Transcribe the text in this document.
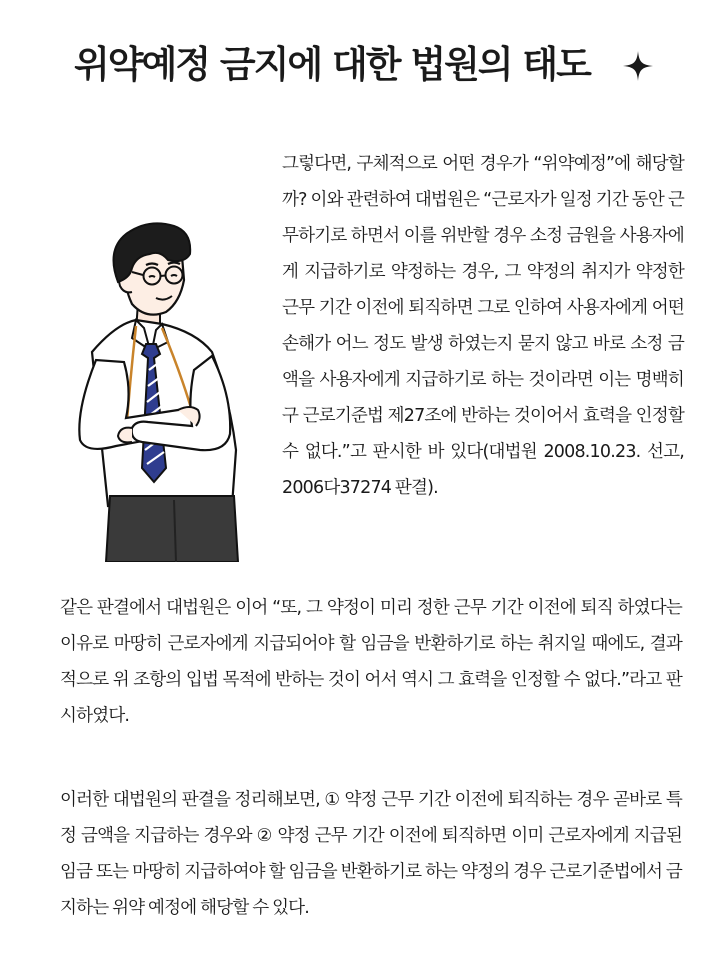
위약예정 금지에 대한 법원의 태도

그렇다면, 구체적으로 어떤 경우가 “위약예정”에 해당할까? 이와 관련하여 대법원은 “근로자가 일정 기간 동안 근무하기로 하면서 이를 위반할 경우 소정 금원을 사용자에게 지급하기로 약정하는 경우, 그 약정의 취지가 약정한 근무 기간 이전에 퇴직하면 그로 인하여 사용자에게 어떤 손해가 어느 정도 발생 하였는지 묻지 않고 바로 소정 금액을 사용자에게 지급하기로 하는 것이라면 이는 명백히 구 근로기준법 제27조에 반하는 것이어서 효력을 인정할 수 없다.”고 판시한 바 있다(대법원 2008.10.23. 선고, 2006다37274 판결).

같은 판결에서 대법원은 이어 “또, 그 약정이 미리 정한 근무 기간 이전에 퇴직 하였다는 이유로 마땅히 근로자에게 지급되어야 할 임금을 반환하기로 하는 취지일 때에도, 결과적으로 위 조항의 입법 목적에 반하는 것이 어서 역시 그 효력을 인정할 수 없다.”라고 판시하였다.

이러한 대법원의 판결을 정리해보면, ① 약정 근무 기간 이전에 퇴직하는 경우 곧바로 특정 금액을 지급하는 경우와 ② 약정 근무 기간 이전에 퇴직하면 이미 근로자에게 지급된 임금 또는 마땅히 지급하여야 할 임금을 반환하기로 하는 약정의 경우 근로기준법에서 금지하는 위약 예정에 해당할 수 있다.
